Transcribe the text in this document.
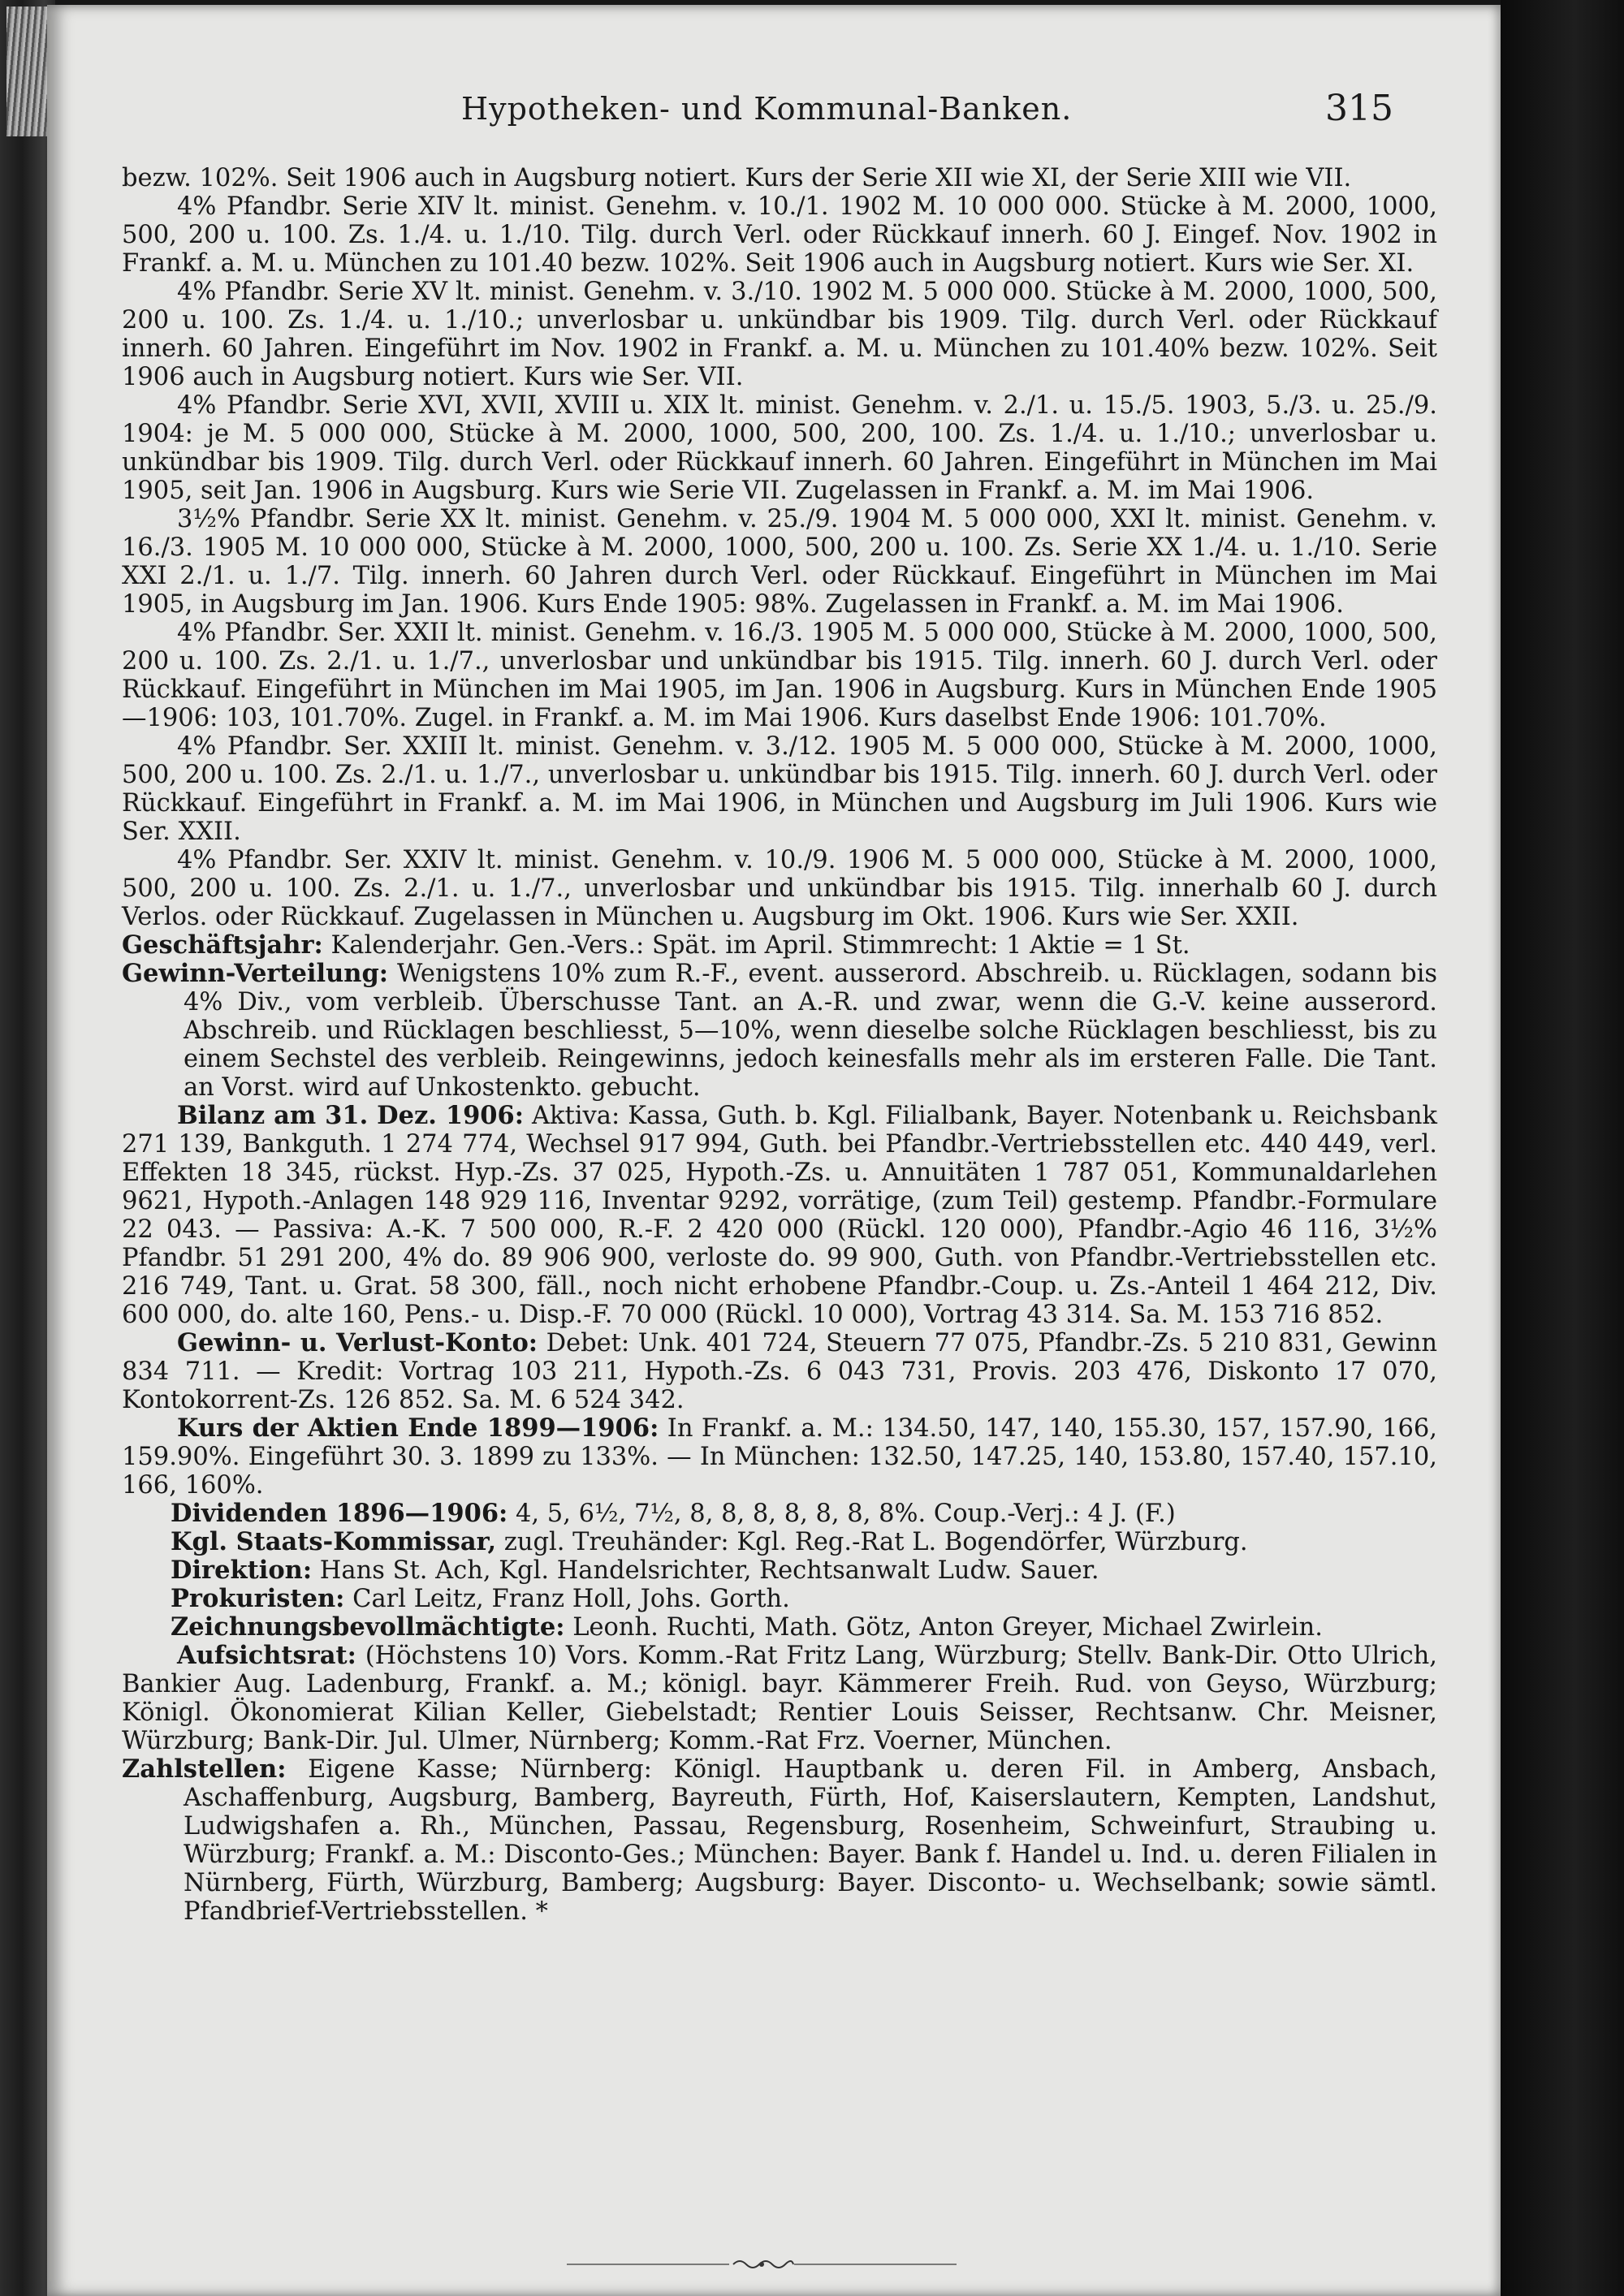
Hypotheken- und Kommunal-Banken.	315

bezw. 102%. Seit 1906 auch in Augsburg notiert. Kurs der Serie XII wie XI, der Serie XIII wie VII.

4% Pfandbr. Serie XIV lt. minist. Genehm. v. 10./1. 1902 M. 10 000 000. Stücke à M. 2000, 1000, 500, 200 u. 100. Zs. 1./4. u. 1./10. Tilg. durch Verl. oder Rückkauf innerh. 60 J. Eingef. Nov. 1902 in Frankf. a. M. u. München zu 101.40 bezw. 102%. Seit 1906 auch in Augsburg notiert. Kurs wie Ser. XI.

4% Pfandbr. Serie XV lt. minist. Genehm. v. 3./10. 1902 M. 5 000 000. Stücke à M. 2000, 1000, 500, 200 u. 100. Zs. 1./4. u. 1./10.; unverlosbar u. unkündbar bis 1909. Tilg. durch Verl. oder Rückkauf innerh. 60 Jahren. Eingeführt im Nov. 1902 in Frankf. a. M. u. München zu 101.40% bezw. 102%. Seit 1906 auch in Augsburg notiert. Kurs wie Ser. VII.

4% Pfandbr. Serie XVI, XVII, XVIII u. XIX lt. minist. Genehm. v. 2./1. u. 15./5. 1903, 5./3. u. 25./9. 1904: je M. 5 000 000, Stücke à M. 2000, 1000, 500, 200, 100. Zs. 1./4. u. 1./10.; unverlosbar u. unkündbar bis 1909. Tilg. durch Verl. oder Rückkauf innerh. 60 Jahren. Eingeführt in München im Mai 1905, seit Jan. 1906 in Augsburg. Kurs wie Serie VII. Zugelassen in Frankf. a. M. im Mai 1906.

3½% Pfandbr. Serie XX lt. minist. Genehm. v. 25./9. 1904 M. 5 000 000, XXI lt. minist. Genehm. v. 16./3. 1905 M. 10 000 000, Stücke à M. 2000, 1000, 500, 200 u. 100. Zs. Serie XX 1./4. u. 1./10. Serie XXI 2./1. u. 1./7. Tilg. innerh. 60 Jahren durch Verl. oder Rückkauf. Eingeführt in München im Mai 1905, in Augsburg im Jan. 1906. Kurs Ende 1905: 98%. Zugelassen in Frankf. a. M. im Mai 1906.

4% Pfandbr. Ser. XXII lt. minist. Genehm. v. 16./3. 1905 M. 5 000 000, Stücke à M. 2000, 1000, 500, 200 u. 100. Zs. 2./1. u. 1./7., unverlosbar und unkündbar bis 1915. Tilg. innerh. 60 J. durch Verl. oder Rückkauf. Eingeführt in München im Mai 1905, im Jan. 1906 in Augsburg. Kurs in München Ende 1905—1906: 103, 101.70%. Zugel. in Frankf. a. M. im Mai 1906. Kurs daselbst Ende 1906: 101.70%.

4% Pfandbr. Ser. XXIII lt. minist. Genehm. v. 3./12. 1905 M. 5 000 000, Stücke à M. 2000, 1000, 500, 200 u. 100. Zs. 2./1. u. 1./7., unverlosbar u. unkündbar bis 1915. Tilg. innerh. 60 J. durch Verl. oder Rückkauf. Eingeführt in Frankf. a. M. im Mai 1906, in München und Augsburg im Juli 1906. Kurs wie Ser. XXII.

4% Pfandbr. Ser. XXIV lt. minist. Genehm. v. 10./9. 1906 M. 5 000 000, Stücke à M. 2000, 1000, 500, 200 u. 100. Zs. 2./1. u. 1./7., unverlosbar und unkündbar bis 1915. Tilg. innerhalb 60 J. durch Verlos. oder Rückkauf. Zugelassen in München u. Augsburg im Okt. 1906. Kurs wie Ser. XXII.

Geschäftsjahr: Kalenderjahr. Gen.-Vers.: Spät. im April. Stimmrecht: 1 Aktie = 1 St.

Gewinn-Verteilung: Wenigstens 10% zum R.-F., event. ausserord. Abschreib. u. Rücklagen, sodann bis 4% Div., vom verbleib. Überschusse Tant. an A.-R. und zwar, wenn die G.-V. keine ausserord. Abschreib. und Rücklagen beschliesst, 5—10%, wenn dieselbe solche Rücklagen beschliesst, bis zu einem Sechstel des verbleib. Reingewinns, jedoch keinesfalls mehr als im ersteren Falle. Die Tant. an Vorst. wird auf Unkostenkto. gebucht.

Bilanz am 31. Dez. 1906: Aktiva: Kassa, Guth. b. Kgl. Filialbank, Bayer. Notenbank u. Reichsbank 271 139, Bankguth. 1 274 774, Wechsel 917 994, Guth. bei Pfandbr.-Vertriebsstellen etc. 440 449, verl. Effekten 18 345, rückst. Hyp.-Zs. 37 025, Hypoth.-Zs. u. Annuitäten 1 787 051, Kommunaldarlehen 9621, Hypoth.-Anlagen 148 929 116, Inventar 9292, vorrätige, (zum Teil) gestemp. Pfandbr.-Formulare 22 043. — Passiva: A.-K. 7 500 000, R.-F. 2 420 000 (Rückl. 120 000), Pfandbr.-Agio 46 116, 3½% Pfandbr. 51 291 200, 4% do. 89 906 900, verloste do. 99 900, Guth. von Pfandbr.-Vertriebsstellen etc. 216 749, Tant. u. Grat. 58 300, fäll., noch nicht erhobene Pfandbr.-Coup. u. Zs.-Anteil 1 464 212, Div. 600 000, do. alte 160, Pens.- u. Disp.-F. 70 000 (Rückl. 10 000), Vortrag 43 314. Sa. M. 153 716 852.

Gewinn- u. Verlust-Konto: Debet: Unk. 401 724, Steuern 77 075, Pfandbr.-Zs. 5 210 831, Gewinn 834 711. — Kredit: Vortrag 103 211, Hypoth.-Zs. 6 043 731, Provis. 203 476, Diskonto 17 070, Kontokorrent-Zs. 126 852. Sa. M. 6 524 342.

Kurs der Aktien Ende 1899—1906: In Frankf. a. M.: 134.50, 147, 140, 155.30, 157, 157.90, 166, 159.90%. Eingeführt 30. 3. 1899 zu 133%. — In München: 132.50, 147.25, 140, 153.80, 157.40, 157.10, 166, 160%.

Dividenden 1896—1906: 4, 5, 6½, 7½, 8, 8, 8, 8, 8, 8, 8%. Coup.-Verj.: 4 J. (F.)

Kgl. Staats-Kommissar, zugl. Treuhänder: Kgl. Reg.-Rat L. Bogendörfer, Würzburg.

Direktion: Hans St. Ach, Kgl. Handelsrichter, Rechtsanwalt Ludw. Sauer.

Prokuristen: Carl Leitz, Franz Holl, Johs. Gorth.

Zeichnungsbevollmächtigte: Leonh. Ruchti, Math. Götz, Anton Greyer, Michael Zwirlein.

Aufsichtsrat: (Höchstens 10) Vors. Komm.-Rat Fritz Lang, Würzburg; Stellv. Bank-Dir. Otto Ulrich, Bankier Aug. Ladenburg, Frankf. a. M.; königl. bayr. Kämmerer Freih. Rud. von Geyso, Würzburg; Königl. Ökonomierat Kilian Keller, Giebelstadt; Rentier Louis Seisser, Rechtsanw. Chr. Meisner, Würzburg; Bank-Dir. Jul. Ulmer, Nürnberg; Komm.-Rat Frz. Voerner, München.

Zahlstellen: Eigene Kasse; Nürnberg: Königl. Hauptbank u. deren Fil. in Amberg, Ansbach, Aschaffenburg, Augsburg, Bamberg, Bayreuth, Fürth, Hof, Kaiserslautern, Kempten, Landshut, Ludwigshafen a. Rh., München, Passau, Regensburg, Rosenheim, Schweinfurt, Straubing u. Würzburg; Frankf. a. M.: Disconto-Ges.; München: Bayer. Bank f. Handel u. Ind. u. deren Filialen in Nürnberg, Fürth, Würzburg, Bamberg; Augsburg: Bayer. Disconto- u. Wechselbank; sowie sämtl. Pfandbrief-Vertriebsstellen. *
